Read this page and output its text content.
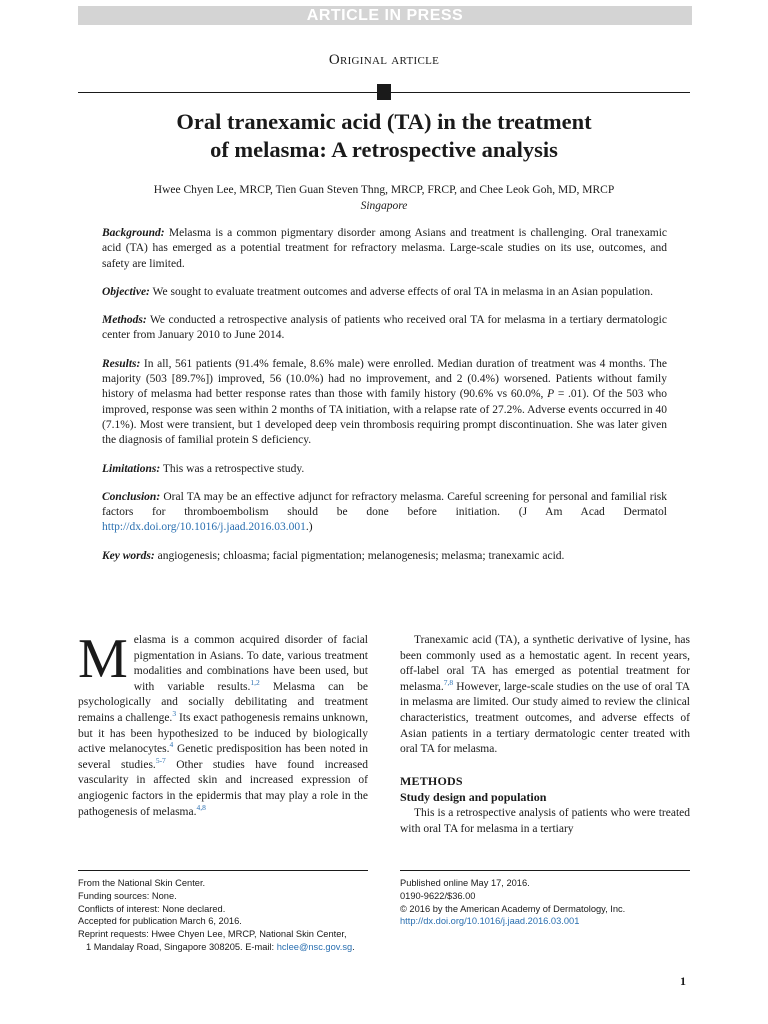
ARTICLE IN PRESS
Original article
Oral tranexamic acid (TA) in the treatment
of melasma: A retrospective analysis
Hwee Chyen Lee, MRCP, Tien Guan Steven Thng, MRCP, FRCP, and Chee Leok Goh, MD, MRCP
Singapore

Background: Melasma is a common pigmentary disorder among Asians and treatment is challenging. Oral tranexamic acid (TA) has emerged as a potential treatment for refractory melasma. Large-scale studies on its use, outcomes, and safety are limited.

Objective: We sought to evaluate treatment outcomes and adverse effects of oral TA in melasma in an Asian population.

Methods: We conducted a retrospective analysis of patients who received oral TA for melasma in a tertiary dermatologic center from January 2010 to June 2014.

Results: In all, 561 patients (91.4% female, 8.6% male) were enrolled. Median duration of treatment was 4 months. The majority (503 [89.7%]) improved, 56 (10.0%) had no improvement, and 2 (0.4%) worsened. Patients without family history of melasma had better response rates than those with family history (90.6% vs 60.0%, P = .01). Of the 503 who improved, response was seen within 2 months of TA initiation, with a relapse rate of 27.2%. Adverse events occurred in 40 (7.1%). Most were transient, but 1 developed deep vein thrombosis requiring prompt discontinuation. She was later given the diagnosis of familial protein S deficiency.

Limitations: This was a retrospective study.

Conclusion: Oral TA may be an effective adjunct for refractory melasma. Careful screening for personal and familial risk factors for thromboembolism should be done before initiation. (J Am Acad Dermatol http://dx.doi.org/10.1016/j.jaad.2016.03.001.)

Key words: angiogenesis; chloasma; facial pigmentation; melanogenesis; melasma; tranexamic acid.

Melasma is a common acquired disorder of facial pigmentation in Asians. To date, various treatment modalities and combinations have been used, but with variable results.$^{1,2}$ Melasma can be psychologically and socially debilitating and treatment remains a challenge.$^3$ Its exact pathogenesis remains unknown, but it has been hypothesized to be induced by biologically active melanocytes.$^4$ Genetic predisposition has been noted in several studies.$^{5-7}$ Other studies have found increased vascularity in affected skin and increased expression of angiogenic factors in the epidermis that may play a role in the pathogenesis of melasma.$^{4,8}$

Tranexamic acid (TA), a synthetic derivative of lysine, has been commonly used as a hemostatic agent. In recent years, off-label oral TA has emerged as potential treatment for melasma.$^{7,8}$ However, large-scale studies on the use of oral TA in melasma are limited. Our study aimed to review the clinical characteristics, treatment outcomes, and adverse effects of Asian patients in a tertiary dermatologic center treated with oral TA for melasma.

METHODS
Study design and population

This is a retrospective analysis of patients who were treated with oral TA for melasma in a tertiary

From the National Skin Center.
Funding sources: None.
Conflicts of interest: None declared.
Accepted for publication March 6, 2016.
Reprint requests: Hwee Chyen Lee, MRCP, National Skin Center,
1 Mandalay Road, Singapore 308205. E-mail: hclee@nsc.gov.sg.
Published online May 17, 2016.
0190-9622/$36.00
© 2016 by the American Academy of Dermatology, Inc.
http://dx.doi.org/10.1016/j.jaad.2016.03.001
1
